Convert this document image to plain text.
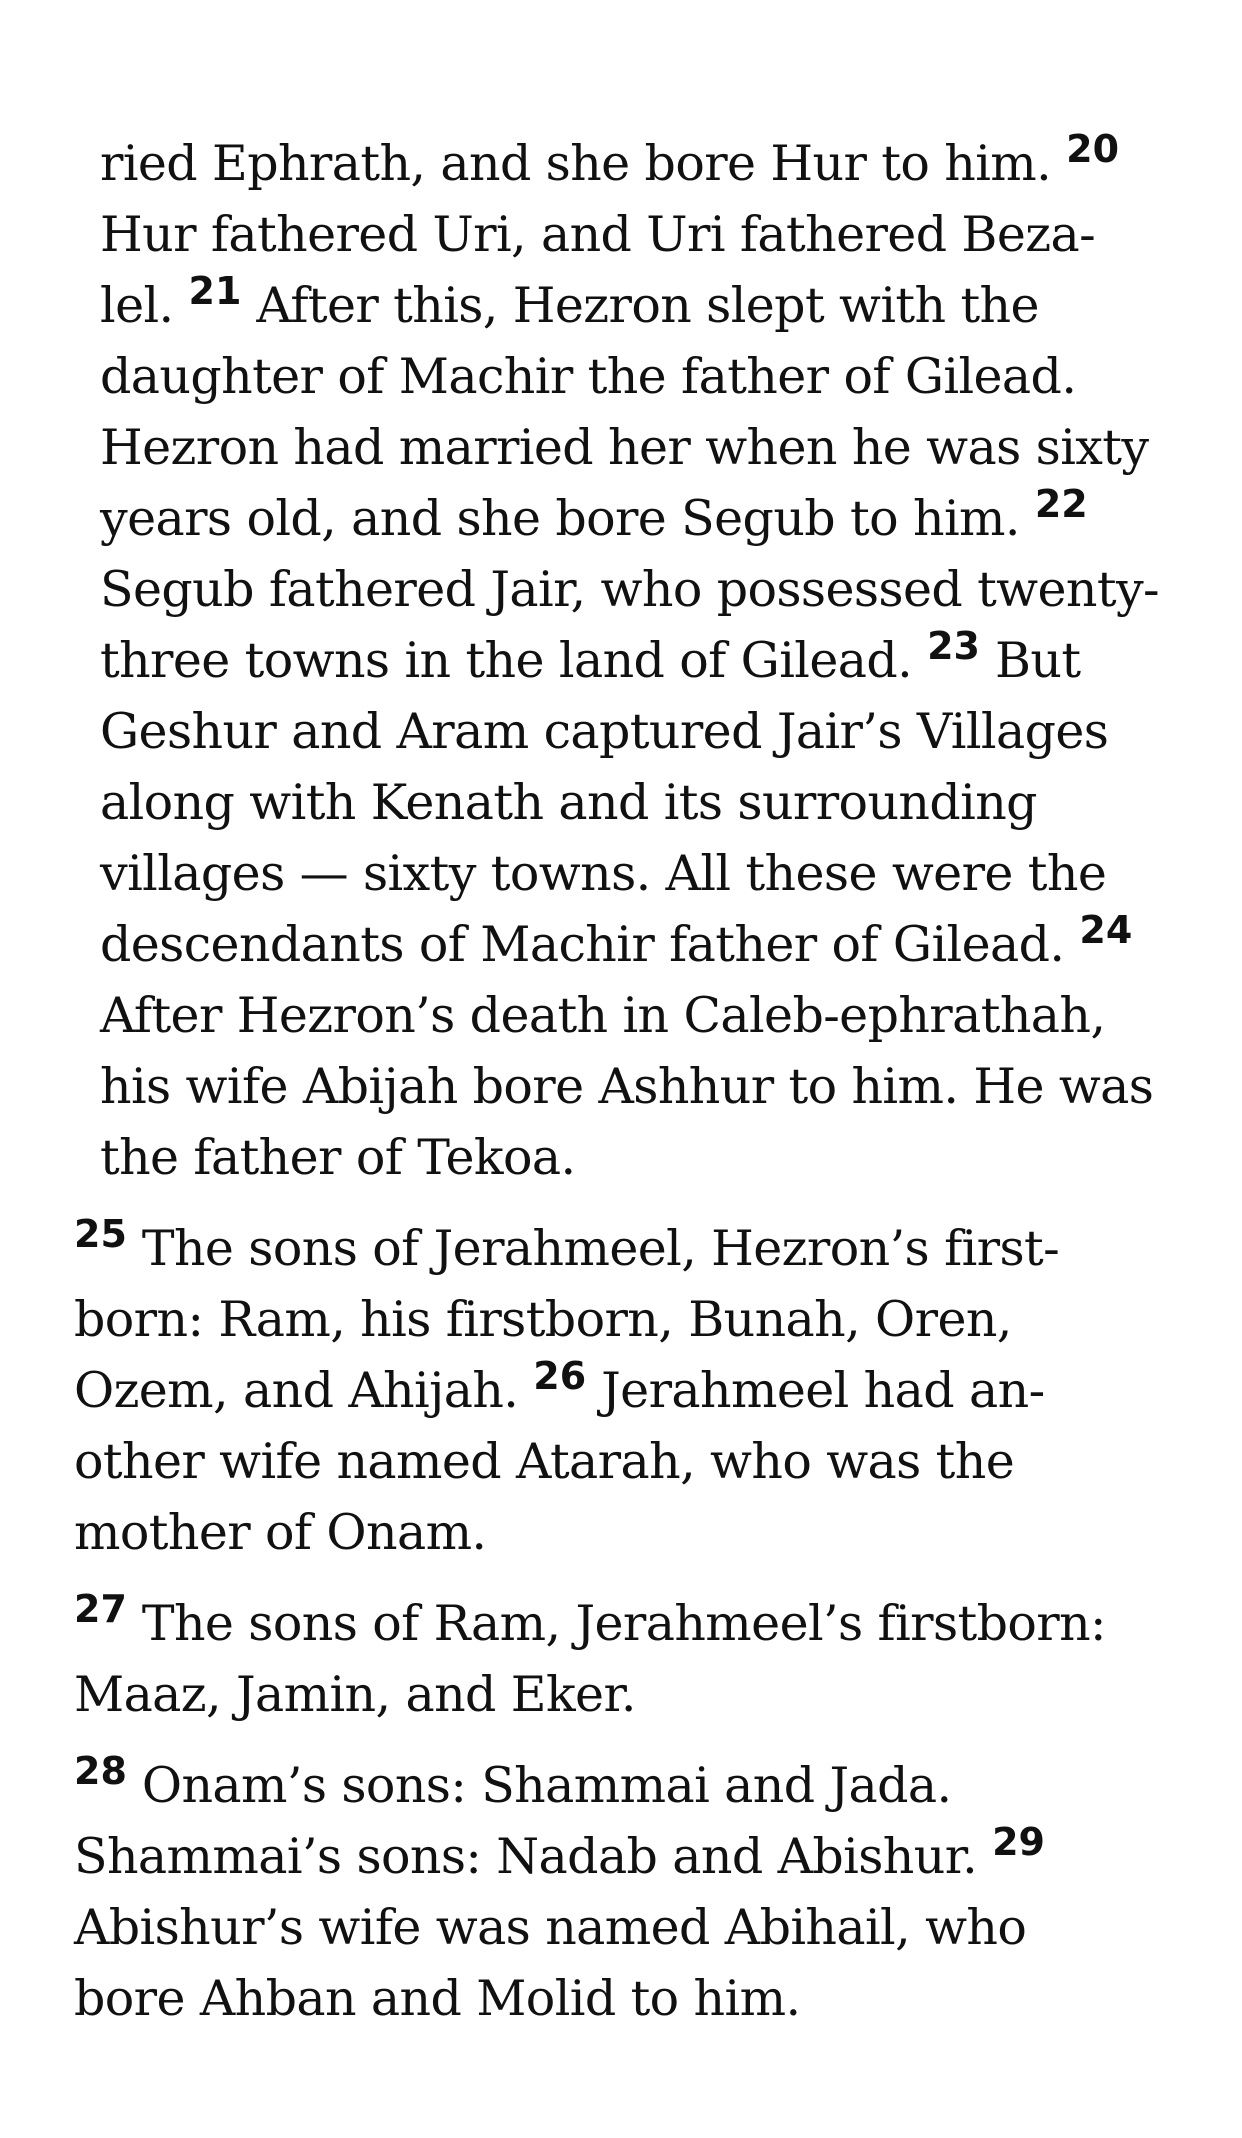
ried Ephrath, and she bore Hur to him. $^{20}$
Hur fathered Uri, and Uri fathered Beza-
lel. $^{21}$ After this, Hezron slept with the
daughter of Machir the father of Gilead.
Hezron had married her when he was sixty
years old, and she bore Segub to him. $^{22}$
Segub fathered Jair, who possessed twenty-
three towns in the land of Gilead. $^{23}$ But
Geshur and Aram captured Jair’s Villages
along with Kenath and its surrounding
villages — sixty towns. All these were the
descendants of Machir father of Gilead. $^{24}$
After Hezron’s death in Caleb-ephrathah,
his wife Abijah bore Ashhur to him. He was
the father of Tekoa.
$^{25}$ The sons of Jerahmeel, Hezron’s first-
born: Ram, his firstborn, Bunah, Oren,
Ozem, and Ahijah. $^{26}$ Jerahmeel had an-
other wife named Atarah, who was the
mother of Onam.
$^{27}$ The sons of Ram, Jerahmeel’s firstborn:
Maaz, Jamin, and Eker.
$^{28}$ Onam’s sons: Shammai and Jada.
Shammai’s sons: Nadab and Abishur. $^{29}$
Abishur’s wife was named Abihail, who
bore Ahban and Molid to him.
